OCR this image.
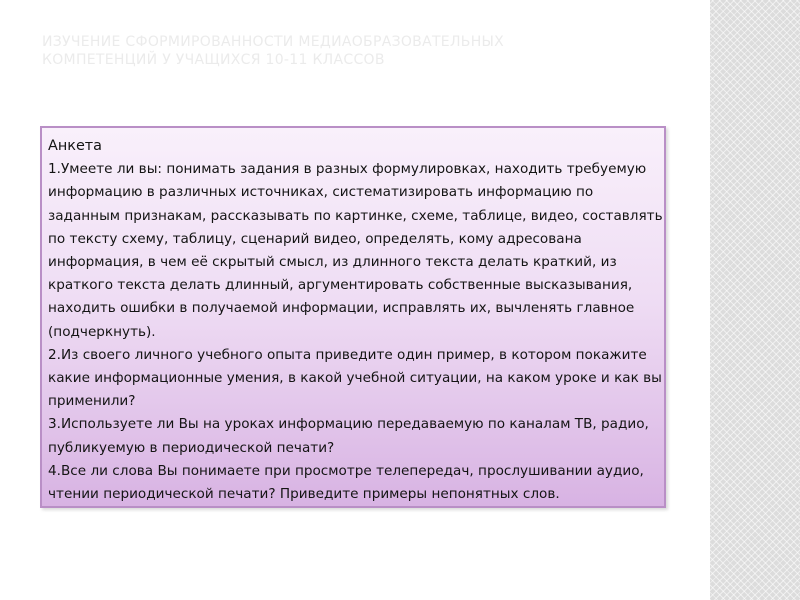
ИЗУЧЕНИЕ СФОРМИРОВАННОСТИ МЕДИАОБРАЗОВАТЕЛЬНЫХ
КОМПЕТЕНЦИЙ У УЧАЩИХСЯ 10-11 КЛАССОВ
Анкета
1.Умеете ли вы: понимать задания в разных формулировках, находить требуемую информацию в различных источниках, систематизировать информацию по заданным признакам, рассказывать по картинке, схеме, таблице, видео, составлять по тексту схему, таблицу, сценарий видео, определять, кому адресована информация, в чем её скрытый смысл, из длинного текста делать краткий, из краткого текста делать длинный, аргументировать собственные высказывания, находить ошибки в получаемой информации, исправлять их, вычленять главное (подчеркнуть).
2.Из своего личного учебного опыта приведите один пример, в котором покажите какие информационные умения, в какой учебной ситуации, на каком уроке и как вы применили?
3.Используете ли Вы на уроках информацию передаваемую по каналам ТВ, радио, публикуемую в периодической печати?
4.Все ли слова Вы понимаете при просмотре телепередач, прослушивании аудио, чтении периодической печати? Приведите примеры непонятных слов.
